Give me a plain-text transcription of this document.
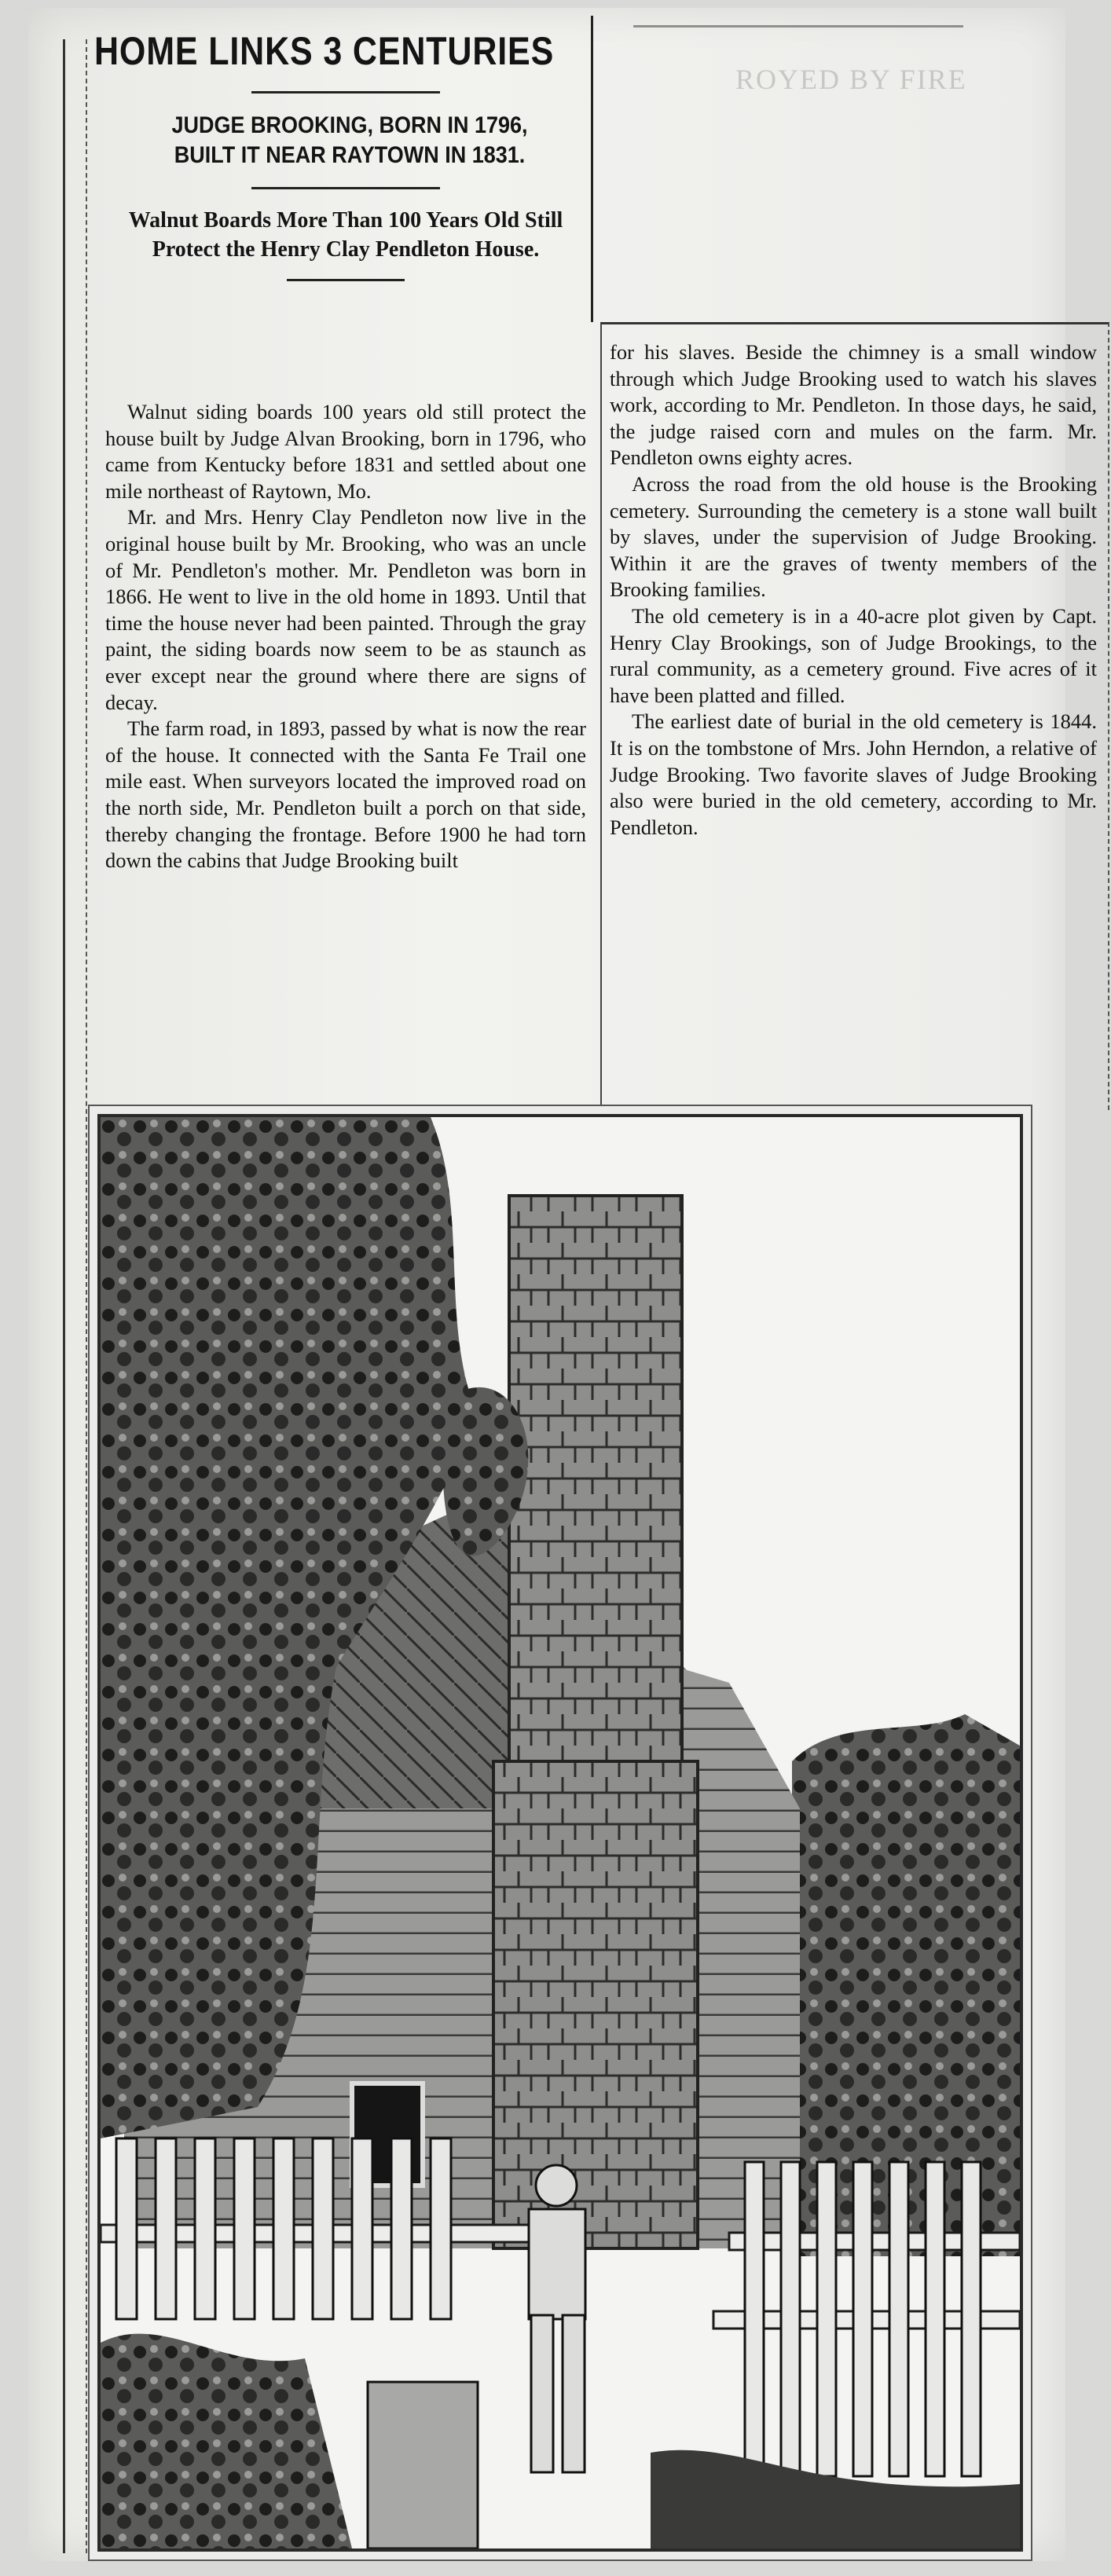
ROYED BY FIRE
HOME LINKS 3 CENTURIES

JUDGE BROOKING, BORN IN 1796,

BUILT IT NEAR RAYTOWN IN 1831.

Walnut Boards More Than 100 Years Old Still Protect the Henry Clay Pendleton House.

Walnut siding boards 100 years old still protect the house built by Judge Alvan Brooking, born in 1796, who came from Kentucky before 1831 and settled about one mile northeast of Raytown, Mo.

Mr. and Mrs. Henry Clay Pendleton now live in the original house built by Mr. Brooking, who was an uncle of Mr. Pendleton's mother. Mr. Pendleton was born in 1866. He went to live in the old home in 1893. Until that time the house never had been painted. Through the gray paint, the siding boards now seem to be as staunch as ever except near the ground where there are signs of decay.

The farm road, in 1893, passed by what is now the rear of the house. It connected with the Santa Fe Trail one mile east. When surveyors located the improved road on the north side, Mr. Pendleton built a porch on that side, thereby changing the frontage. Before 1900 he had torn down the cabins that Judge Brooking built

for his slaves. Beside the chimney is a small window through which Judge Brooking used to watch his slaves work, according to Mr. Pendleton. In those days, he said, the judge raised corn and mules on the farm. Mr. Pendleton owns eighty acres.

Across the road from the old house is the Brooking cemetery. Surrounding the cemetery is a stone wall built by slaves, under the supervision of Judge Brooking. Within it are the graves of twenty members of the Brooking families.

The old cemetery is in a 40-acre plot given by Capt. Henry Clay Brookings, son of Judge Brookings, to the rural community, as a cemetery ground. Five acres of it have been platted and filled.

The earliest date of burial in the old cemetery is 1844. It is on the tombstone of Mrs. John Herndon, a relative of Judge Brooking. Two favorite slaves of Judge Brooking also were buried in the old cemetery, according to Mr. Pendleton.
